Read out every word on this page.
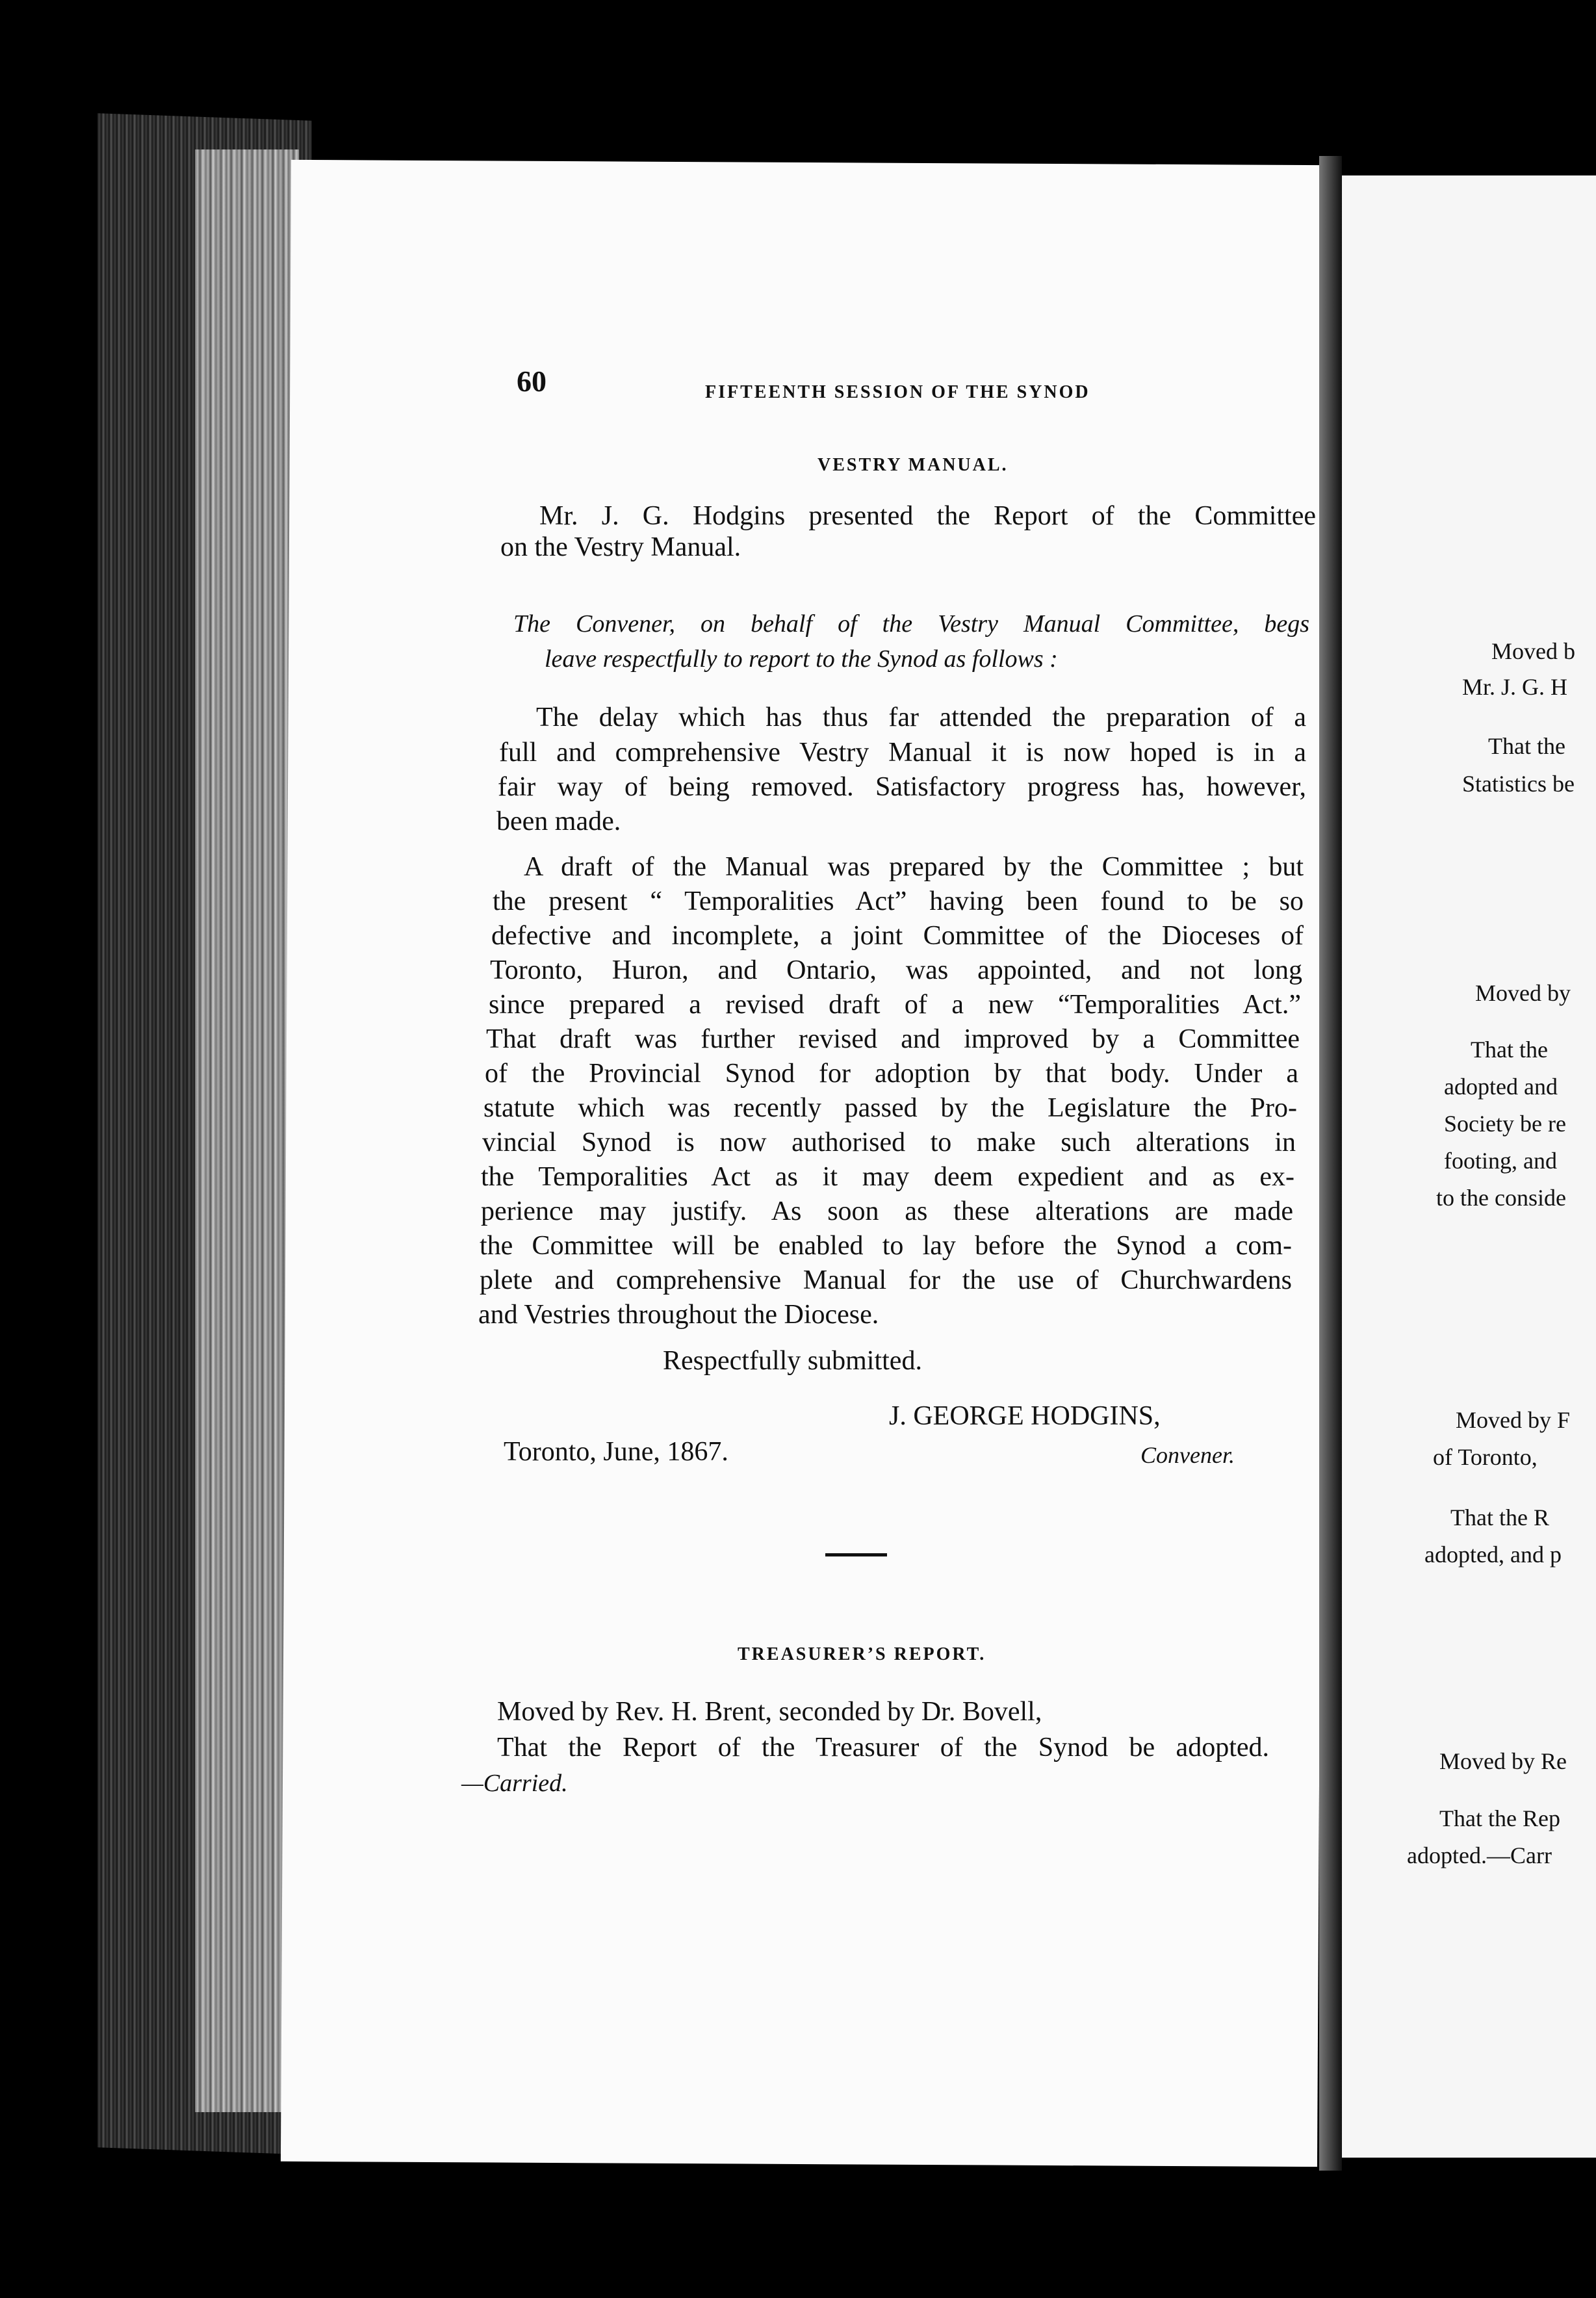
60	FIFTEENTH SESSION OF THE SYNOD
VESTRY MANUAL.
Mr. J. G. Hodgins presented the Report of the Committee
on the Vestry Manual.
The Convener, on behalf of the Vestry Manual Committee, begs
leave respectfully to report to the Synod as follows :
The delay which has thus far attended the preparation of a
full and comprehensive Vestry Manual it is now hoped is in a
fair way of being removed. Satisfactory progress has, however,
been made.
A draft of the Manual was prepared by the Committee ; but
the present “ Temporalities Act” having been found to be so
defective and incomplete, a joint Committee of the Dioceses of
Toronto, Huron, and Ontario, was appointed, and not long
since prepared a revised draft of a new “Temporalities Act.”
That draft was further revised and improved by a Committee
of the Provincial Synod for adoption by that body. Under a
statute which was recently passed by the Legislature the Pro-
vincial Synod is now authorised to make such alterations in
the Temporalities Act as it may deem expedient and as ex-
perience may justify. As soon as these alterations are made
the Committee will be enabled to lay before the Synod a com-
plete and comprehensive Manual for the use of Churchwardens
and Vestries throughout the Diocese.
Respectfully submitted.
J. GEORGE HODGINS,
Toronto, June, 1867.	Convener.
TREASURER’S REPORT.
Moved by Rev. H. Brent, seconded by Dr. Bovell,
That the Report of the Treasurer of the Synod be adopted.
—Carried.
Moved b
Mr. J. G. H
That the
Statistics be
Moved by
That the
adopted and
Society be re
footing, and
to the conside
Moved by F
of Toronto,
That the R
adopted, and p
Moved by Re
That the Rep
adopted.—Carr
